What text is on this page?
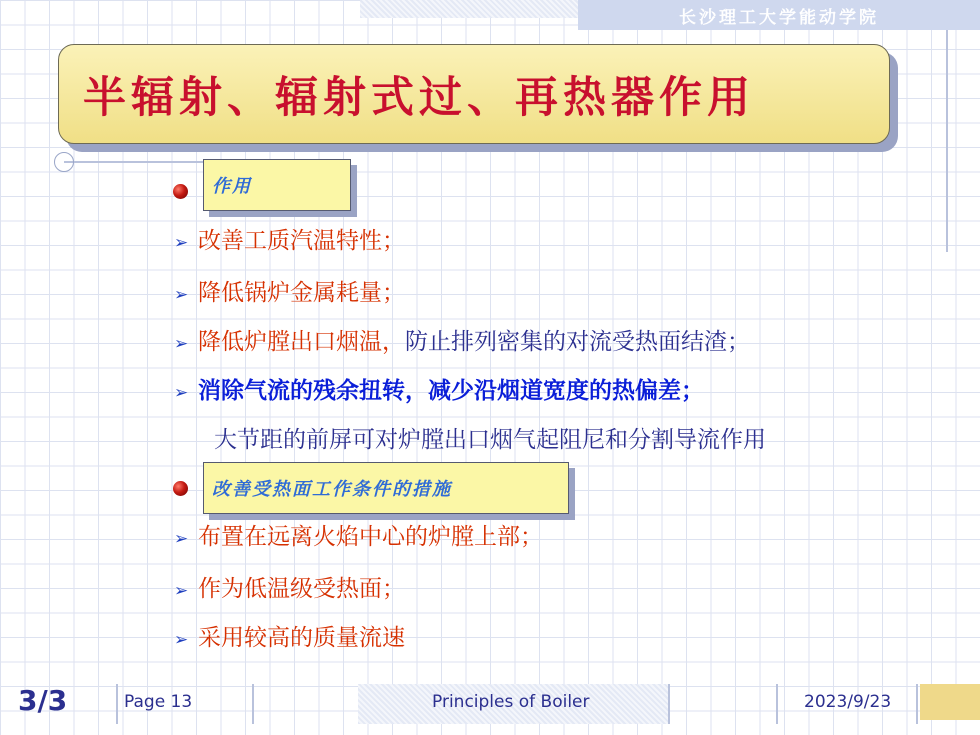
长沙理工大学能动学院
半辐射、辐射式过、再热器作用
作用
➢ 改善工质汽温特性；
➢ 降低锅炉金属耗量；
➢ 降低炉膛出口烟温，防止排列密集的对流受热面结渣；
➢ 消除气流的残余扭转，减少沿烟道宽度的热偏差；
大节距的前屏可对炉膛出口烟气起阻尼和分割导流作用
改善受热面工作条件的措施
➢ 布置在远离火焰中心的炉膛上部；
➢ 作为低温级受热面；
➢ 采用较高的质量流速
3/3	Page 13	Principles of Boiler	2023/9/23
